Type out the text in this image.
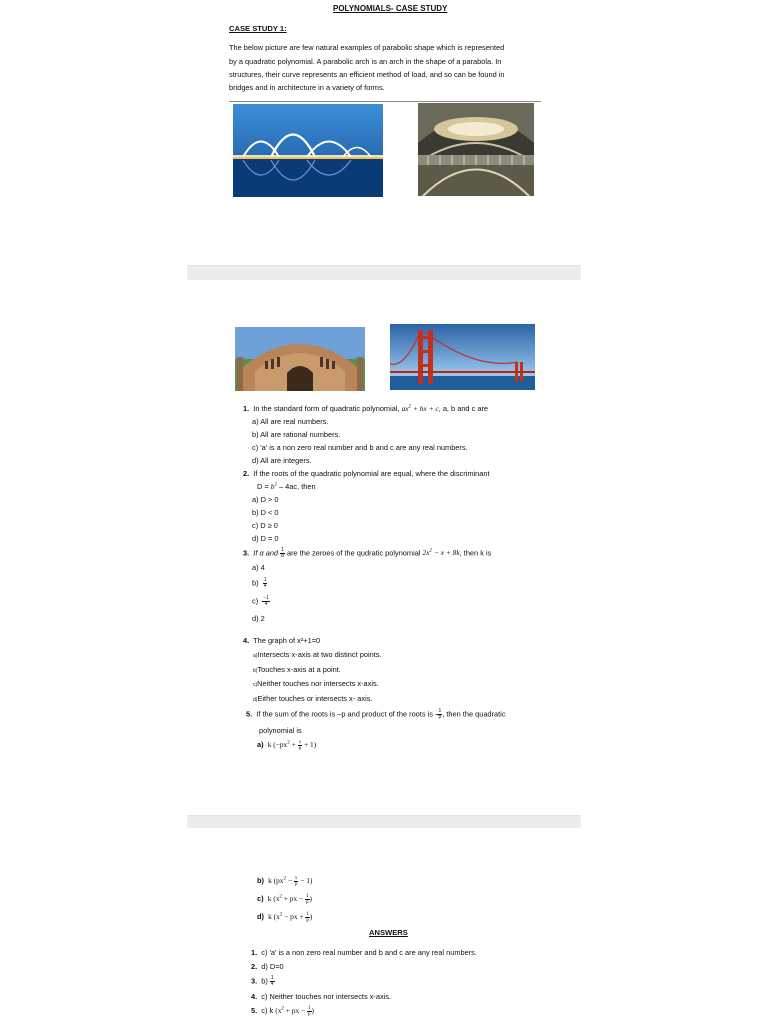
POLYNOMIALS- CASE STUDY
CASE STUDY 1:
The below picture are few natural examples of parabolic shape which is represented
by a quadratic polynomial. A parabolic arch is an arch in the shape of a parabola. In
structures, their curve represents an efficient method of load, and so can be found in
bridges and in architecture in a variety of forms.
1. In the standard form of quadratic polynomial, $ax^2$ + bx + c, a, b and c are
a) All are real numbers.
b) All are rational numbers.
c) 'a' is a non zero real number and b and c are any real numbers.
d) All are integers.
2. If the roots of the quadratic polynomial are equal, where the discriminant
$D = b^2 - 4ac$, then
a) D > 0
b) D < 0
c) D ≥ 0
d) D = 0
3. If α and $\frac{1}{\alpha}$ are the zeroes of the qudratic polynomial $2x^2 - x + 8k$, then k is
a) 4
$b) \frac{1}{4}$
$c) \frac{-1}{4}$
d) 2
4. The graph of x²+1=0
a)Intersects x-axis at two distinct points.
b)Touches x-axis at a point.
c)Neither touches nor intersects x-axis.
d)Either touches or intersects x- axis.
5. If the sum of the roots is –p and product of the roots is - $\frac{1}{p}$ , then the quadratic
polynomial is
a) k $(-px^2 + \frac{x}{p} + 1)$
b) k $(px^2 - \frac{x}{p} - 1)$
c) k ($x^2$ + px − $\frac{1}{p}$ )
d) k ($x^2$ − px + $\frac{1}{p}$ )
ANSWERS
1. c) 'a' is a non zero real number and b and c are any real numbers.
2. d) D=0
3. $b) \frac{1}{4}$
4. c) Neither touches nor intersects x-axis.
5. c) k ($x^2$ + px − $\frac{1}{p}$ )
